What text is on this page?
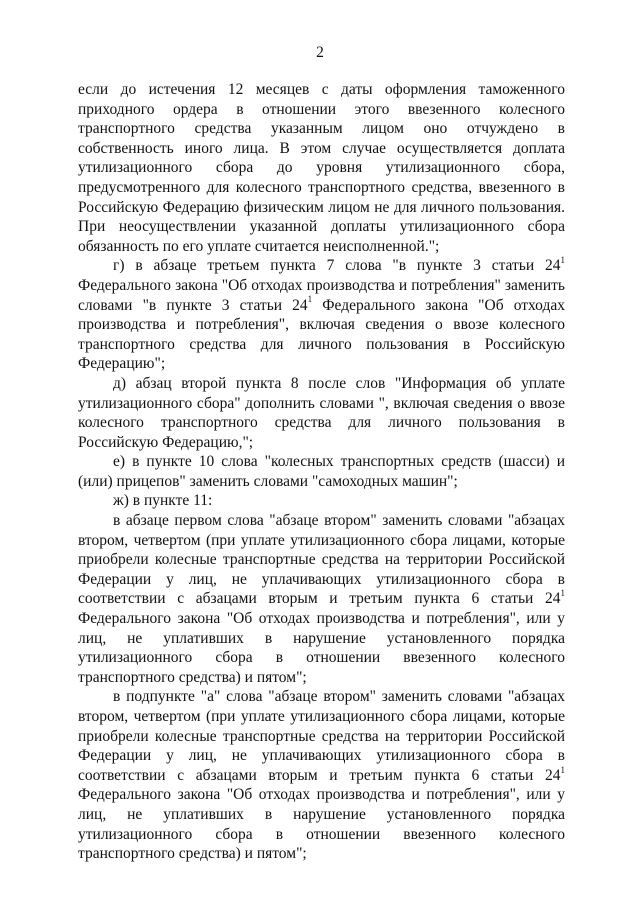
2

если до истечения 12 месяцев с даты оформления таможенного приходного ордера в отношении этого ввезенного колесного транспортного средства указанным лицом оно отчуждено в собственность иного лица. В этом случае осуществляется доплата утилизационного сбора до уровня утилизационного сбора, предусмотренного для колесного транспортного средства, ввезенного в Российскую Федерацию физическим лицом не для личного пользования. При неосуществлении указанной доплаты утилизационного сбора обязанность по его уплате считается неисполненной.";

г) в абзаце третьем пункта 7 слова "в пункте 3 статьи $24^1$ Федерального закона "Об отходах производства и потребления" заменить словами "в пункте 3 статьи $24^1$ Федерального закона "Об отходах производства и потребления", включая сведения о ввозе колесного транспортного средства для личного пользования в Российскую Федерацию";

д) абзац второй пункта 8 после слов "Информация об уплате утилизационного сбора" дополнить словами ", включая сведения о ввозе колесного транспортного средства для личного пользования в Российскую Федерацию,";

е) в пункте 10 слова "колесных транспортных средств (шасси) и (или) прицепов" заменить словами "самоходных машин";

ж) в пункте 11:

в абзаце первом слова "абзаце втором" заменить словами "абзацах втором, четвертом (при уплате утилизационного сбора лицами, которые приобрели колесные транспортные средства на территории Российской Федерации у лиц, не уплачивающих утилизационного сбора в соответствии с абзацами вторым и третьим пункта 6 статьи $24^1$ Федерального закона "Об отходах производства и потребления", или у лиц, не уплативших в нарушение установленного порядка утилизационного сбора в отношении ввезенного колесного транспортного средства) и пятом";

в подпункте "а" слова "абзаце втором" заменить словами "абзацах втором, четвертом (при уплате утилизационного сбора лицами, которые приобрели колесные транспортные средства на территории Российской Федерации у лиц, не уплачивающих утилизационного сбора в соответствии с абзацами вторым и третьим пункта 6 статьи $24^1$ Федерального закона "Об отходах производства и потребления", или у лиц, не уплативших в нарушение установленного порядка утилизационного сбора в отношении ввезенного колесного транспортного средства) и пятом";
